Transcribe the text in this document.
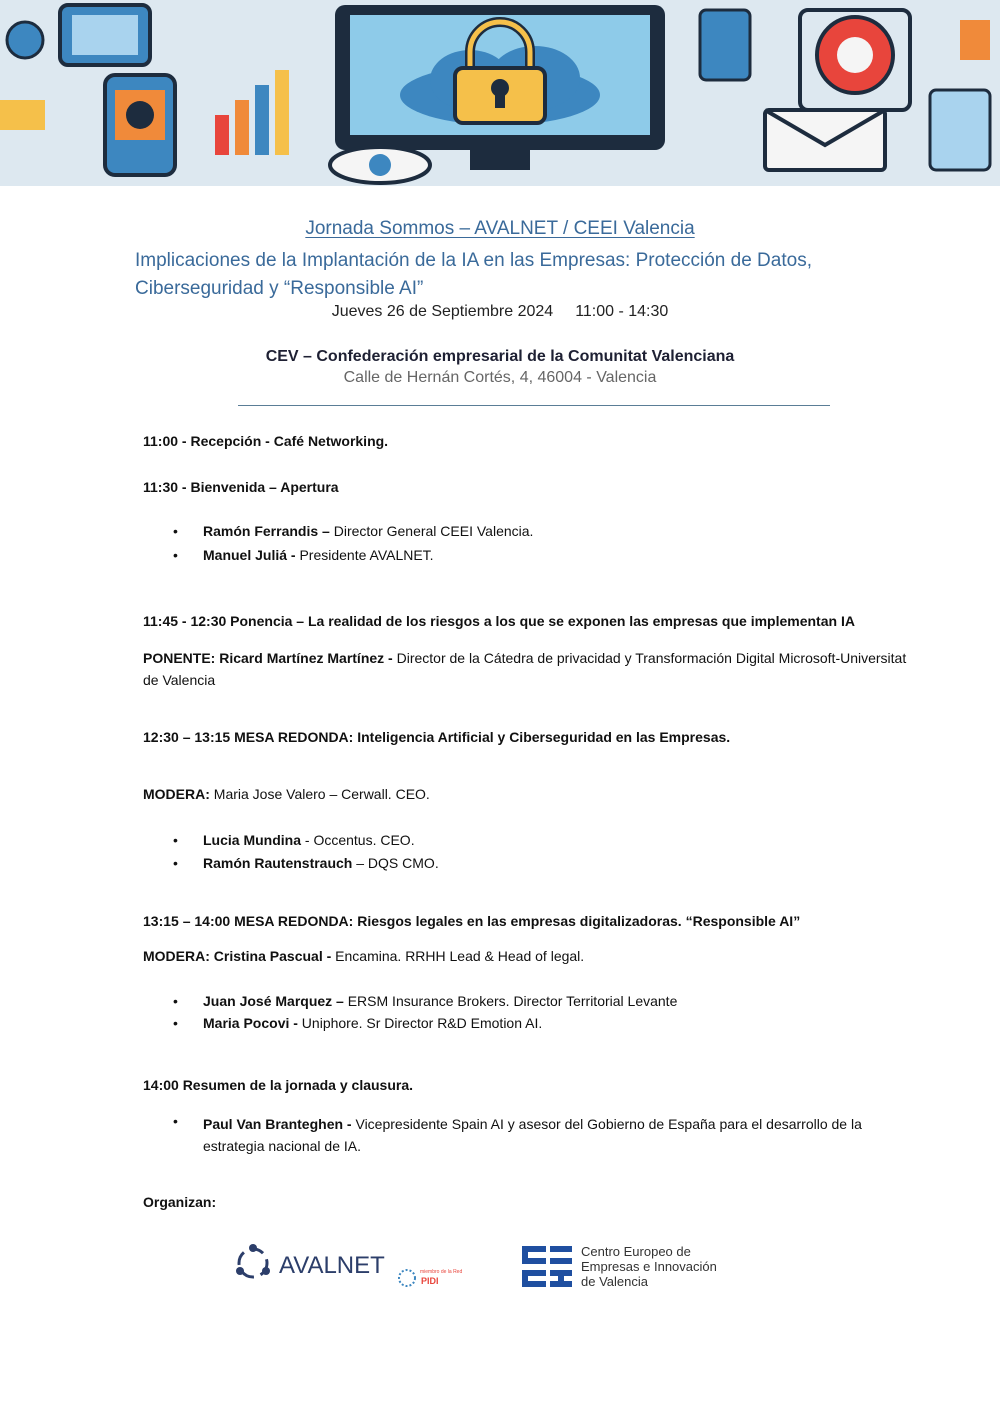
Jornada Sommos – AVALNET / CEEI Valencia
Implicaciones de la Implantación de la IA en las Empresas: Protección de Datos, Ciberseguridad y “Responsible AI”
Jueves 26 de Septiembre 2024 11:00 - 14:30
CEV – Confederación empresarial de la Comunitat Valenciana
Calle de Hernán Cortés, 4, 46004 - Valencia
11:00 - Recepción - Café Networking.
11:30 - Bienvenida – Apertura
• Ramón Ferrandis – Director General CEEI Valencia.
• Manuel Juliá - Presidente AVALNET.
11:45 - 12:30 Ponencia – La realidad de los riesgos a los que se exponen las empresas que implementan IA
PONENTE: Ricard Martínez Martínez - Director de la Cátedra de privacidad y Transformación Digital Microsoft-Universitat de Valencia
12:30 – 13:15 MESA REDONDA: Inteligencia Artificial y Ciberseguridad en las Empresas.
MODERA: Maria Jose Valero – Cerwall. CEO.
• Lucia Mundina - Occentus. CEO.
• Ramón Rautenstrauch – DQS CMO.
13:15 – 14:00 MESA REDONDA: Riesgos legales en las empresas digitalizadoras. “Responsible AI”
MODERA: Cristina Pascual - Encamina. RRHH Lead & Head of legal.
• Juan José Marquez – ERSM Insurance Brokers. Director Territorial Levante
• Maria Pocovi - Uniphore. Sr Director R&D Emotion AI.
14:00 Resumen de la jornada y clausura.
• Paul Van Branteghen - Vicepresidente Spain AI y asesor del Gobierno de España para el desarrollo de la estrategia nacional de IA.
Organizan:
AVALNET	miembro de la Red
PIDI
Centro Europeo de
Empresas e Innovación
de Valencia
